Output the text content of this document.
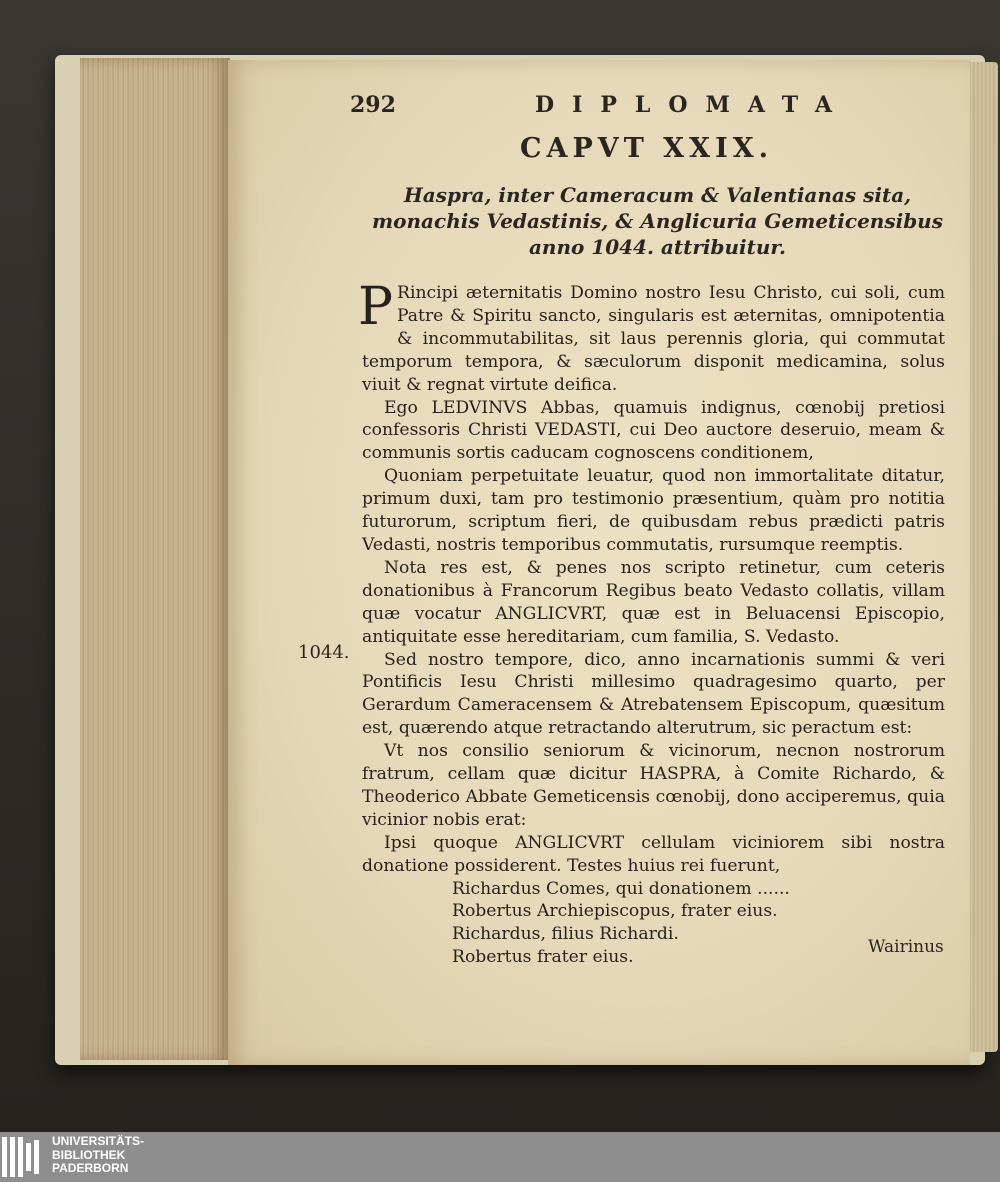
292	DIPLOMATA
CAPVT XXIX.
Haspra, inter Cameracum & Valentianas sita, monachis Vedastinis, & Anglicuria Gemeticensibus anno 1044. attribuitur.
1044.

P Rincipi æternitatis Domino nostro Iesu Christo, cui soli, cum Patre & Spiritu sancto, singularis est æternitas, omnipotentia & incommutabilitas, sit laus perennis gloria, qui commutat temporum tempora, & sæculorum disponit medicamina, solus viuit & regnat virtute deifica.

Ego LEDVINVS Abbas, quamuis indignus, cœnobij pretiosi confessoris Christi VEDASTI, cui Deo auctore deseruio, meam & communis sortis caducam cognoscens conditionem,

Quoniam perpetuitate leuatur, quod non immortalitate ditatur, primum duxi, tam pro testimonio præsentium, quàm pro notitia futurorum, scriptum fieri, de quibusdam rebus prædicti patris Vedasti, nostris temporibus commutatis, rursumque reemptis.

Nota res est, & penes nos scripto retinetur, cum ceteris donationibus à Francorum Regibus beato Vedasto collatis, villam quæ vocatur ANGLICVRT, quæ est in Beluacensi Episcopio, antiquitate esse hereditariam, cum familia, S. Vedasto.

Sed nostro tempore, dico, anno incarnationis summi & veri Pontificis Iesu Christi millesimo quadragesimo quarto, per Gerardum Cameracensem & Atrebatensem Episcopum, quæsitum est, quærendo atque retractando alterutrum, sic peractum est:

Vt nos consilio seniorum & vicinorum, necnon nostrorum fratrum, cellam quæ dicitur HASPRA, à Comite Richardo, & Theoderico Abbate Gemeticensis cœnobij, dono acciperemus, quia vicinior nobis erat:

Ipsi quoque ANGLICVRT cellulam viciniorem sibi nostra donatione possiderent. Testes huius rei fuerunt,

Richardus Comes, qui donationem ......
Robertus Archiepiscopus, frater eius.
Richardus, filius Richardi.
Robertus frater eius.
Wairinus
UNIVERSITÄTS-
BIBLIOTHEK
PADERBORN
